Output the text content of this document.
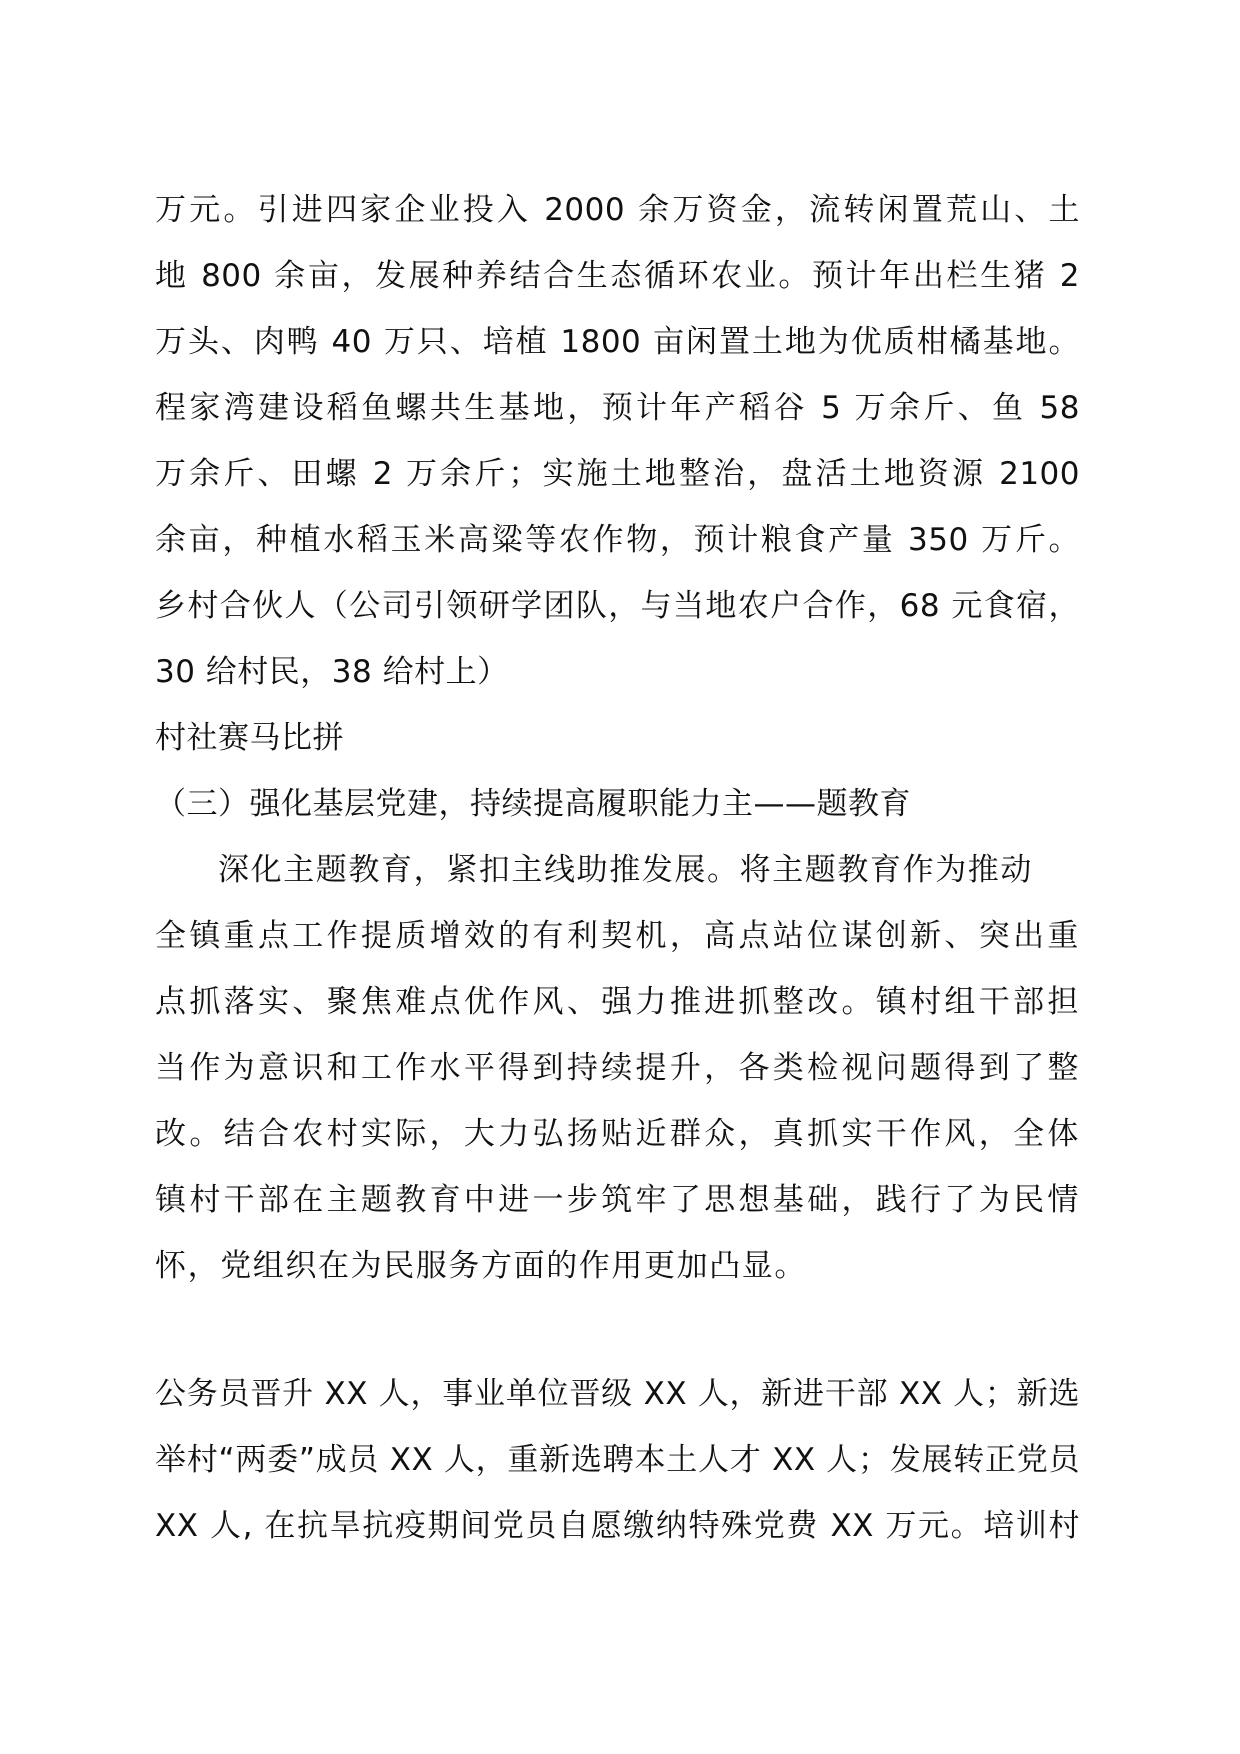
万元。引进四家企业投入 2000 余万资金，流转闲置荒山、土
地 800 余亩，发展种养结合生态循环农业。预计年出栏生猪 2
万头、肉鸭 40 万只、培植 1800 亩闲置土地为优质柑橘基地。
程家湾建设稻鱼螺共生基地，预计年产稻谷 5 万余斤、鱼 58
万余斤、田螺 2 万余斤；实施土地整治，盘活土地资源 2100
余亩，种植水稻玉米高粱等农作物，预计粮食产量 350 万斤。
乡村合伙人（公司引领研学团队，与当地农户合作，68 元食宿，
30 给村民，38 给村上）
村社赛马比拼
（三）强化基层党建，持续提高履职能力主——题教育
深化主题教育，紧扣主线助推发展。将主题教育作为推动
全镇重点工作提质增效的有利契机，高点站位谋创新、突出重
点抓落实、聚焦难点优作风、强力推进抓整改。镇村组干部担
当作为意识和工作水平得到持续提升，各类检视问题得到了整
改。结合农村实际，大力弘扬贴近群众，真抓实干作风，全体
镇村干部在主题教育中进一步筑牢了思想基础，践行了为民情
怀，党组织在为民服务方面的作用更加凸显。
公务员晋升 XX 人，事业单位晋级 XX 人，新进干部 XX 人；新选
举村“两委”成员 XX 人，重新选聘本土人才 XX 人；发展转正党员
XX 人, 在抗旱抗疫期间党员自愿缴纳特殊党费 XX 万元。培训村
